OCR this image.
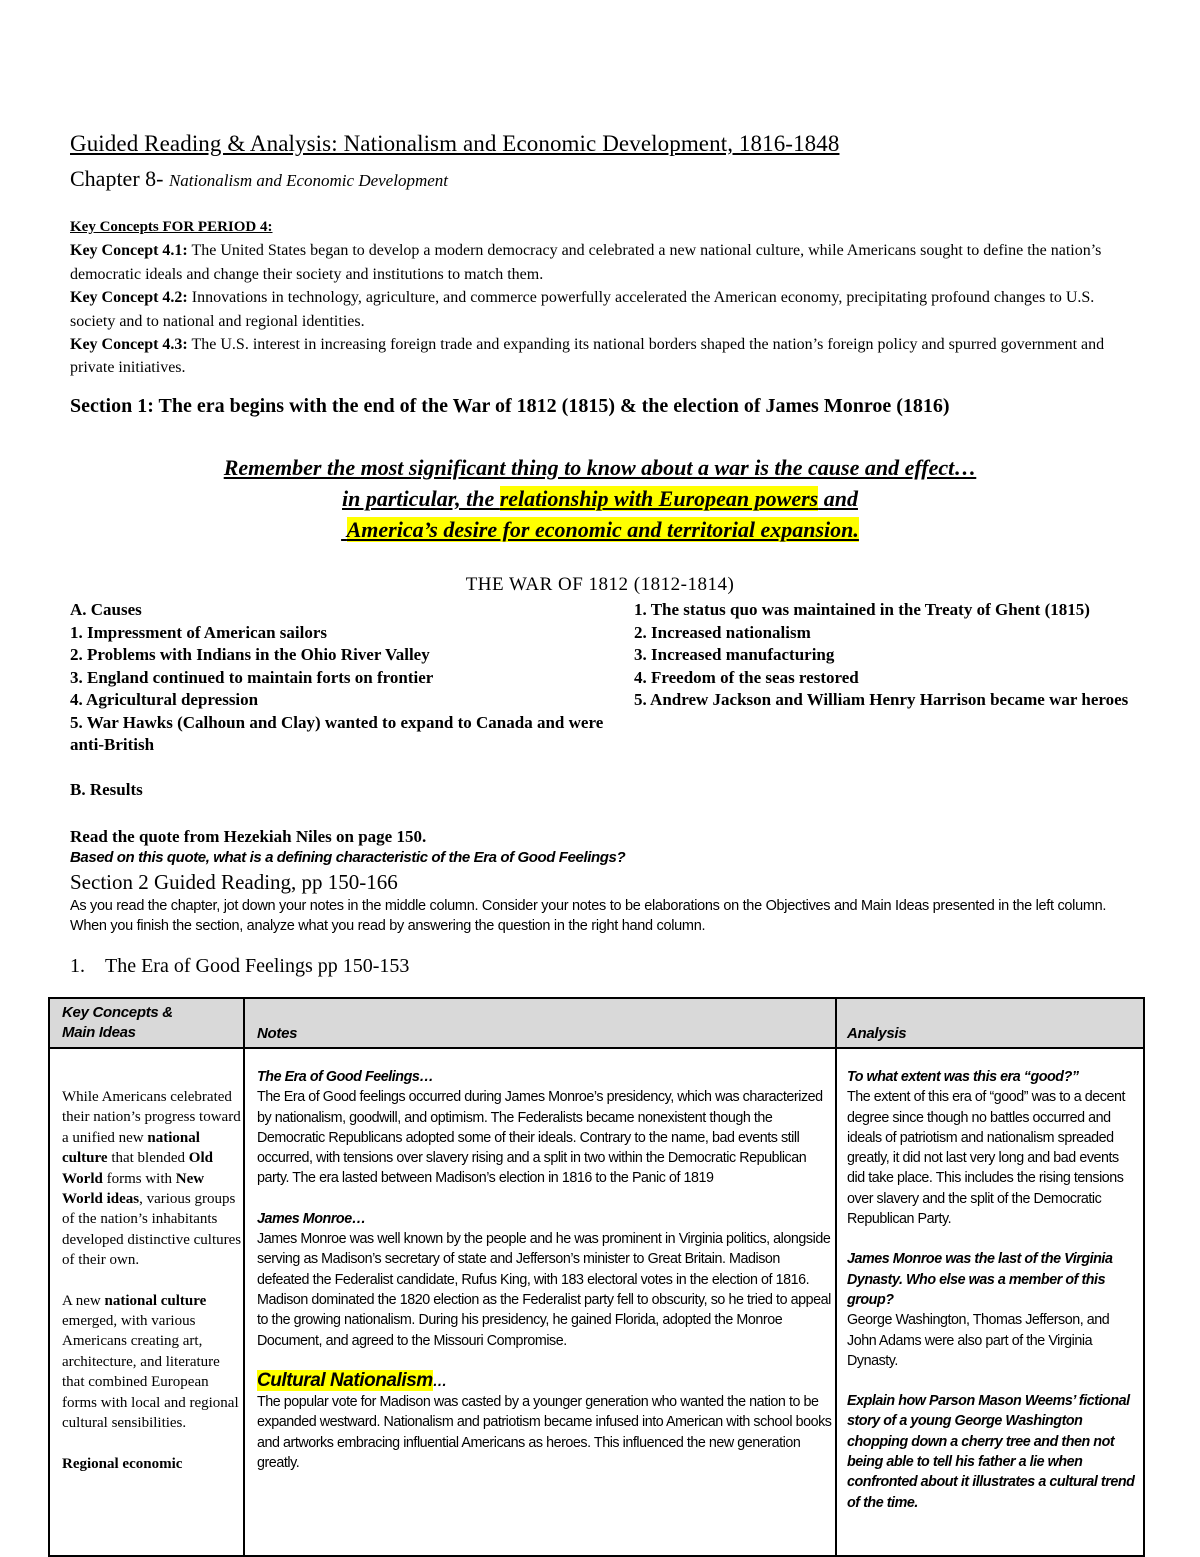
Guided Reading & Analysis: Nationalism and Economic Development, 1816-1848
Chapter 8- Nationalism and Economic Development
Key Concepts FOR PERIOD 4:
Key Concept 4.1: The United States began to develop a modern democracy and celebrated a new national culture, while Americans sought to define the nation’s democratic ideals and change their society and institutions to match them.
Key Concept 4.2: Innovations in technology, agriculture, and commerce powerfully accelerated the American economy, precipitating profound changes to U.S. society and to national and regional identities.
Key Concept 4.3: The U.S. interest in increasing foreign trade and expanding its national borders shaped the nation’s foreign policy and spurred government and private initiatives.
Section 1: The era begins with the end of the War of 1812 (1815) & the election of James Monroe (1816)
Remember the most significant thing to know about a war is the cause and effect…
in particular, the relationship with European powers and
America’s desire for economic and territorial expansion.
THE WAR OF 1812 (1812-1814)
A. Causes
1. Impressment of American sailors
2. Problems with Indians in the Ohio River Valley
3. England continued to maintain forts on frontier
4. Agricultural depression
5. War Hawks (Calhoun and Clay) wanted to expand to Canada and were anti-British
1. The status quo was maintained in the Treaty of Ghent (1815)
2. Increased nationalism
3. Increased manufacturing
4. Freedom of the seas restored
5. Andrew Jackson and William Henry Harrison became war heroes
B. Results
Read the quote from Hezekiah Niles on page 150.
Based on this quote, what is a defining characteristic of the Era of Good Feelings?
Section 2 Guided Reading, pp 150-166
As you read the chapter, jot down your notes in the middle column. Consider your notes to be elaborations on the Objectives and Main Ideas presented in the left column. When you finish the section, analyze what you read by answering the question in the right hand column.
1. The Era of Good Feelings pp 150-153
Key Concepts &
Main Ideas	Notes	Analysis

While Americans celebrated their nation’s progress toward a unified new national culture that blended Old World forms with New World ideas, various groups of the nation’s inhabitants developed distinctive cultures of their own.

A new national culture emerged, with various Americans creating art, architecture, and literature that combined European forms with local and regional cultural sensibilities.

Regional economic

The Era of Good Feelings…
The Era of Good feelings occurred during James Monroe’s presidency, which was characterized by nationalism, goodwill, and optimism. The Federalists became nonexistent though the Democratic Republicans adopted some of their ideals. Contrary to the name, bad events still occurred, with tensions over slavery rising and a split in two within the Democratic Republican party. The era lasted between Madison’s election in 1816 to the Panic of 1819

James Monroe…
James Monroe was well known by the people and he was prominent in Virginia politics, alongside serving as Madison’s secretary of state and Jefferson’s minister to Great Britain. Madison defeated the Federalist candidate, Rufus King, with 183 electoral votes in the election of 1816. Madison dominated the 1820 election as the Federalist party fell to obscurity, so he tried to appeal to the growing nationalism. During his presidency, he gained Florida, adopted the Monroe Document, and agreed to the Missouri Compromise.

Cultural Nationalism…
The popular vote for Madison was casted by a younger generation who wanted the nation to be expanded westward. Nationalism and patriotism became infused into American with school books and artworks embracing influential Americans as heroes. This influenced the new generation greatly.

To what extent was this era “good?”
The extent of this era of “good” was to a decent degree since though no battles occurred and ideals of patriotism and nationalism spreaded greatly, it did not last very long and bad events did take place. This includes the rising tensions over slavery and the split of the Democratic Republican Party.

James Monroe was the last of the Virginia Dynasty. Who else was a member of this group?
George Washington, Thomas Jefferson, and John Adams were also part of the Virginia Dynasty.

Explain how Parson Mason Weems’ fictional story of a young George Washington chopping down a cherry tree and then not being able to tell his father a lie when confronted about it illustrates a cultural trend of the time.
